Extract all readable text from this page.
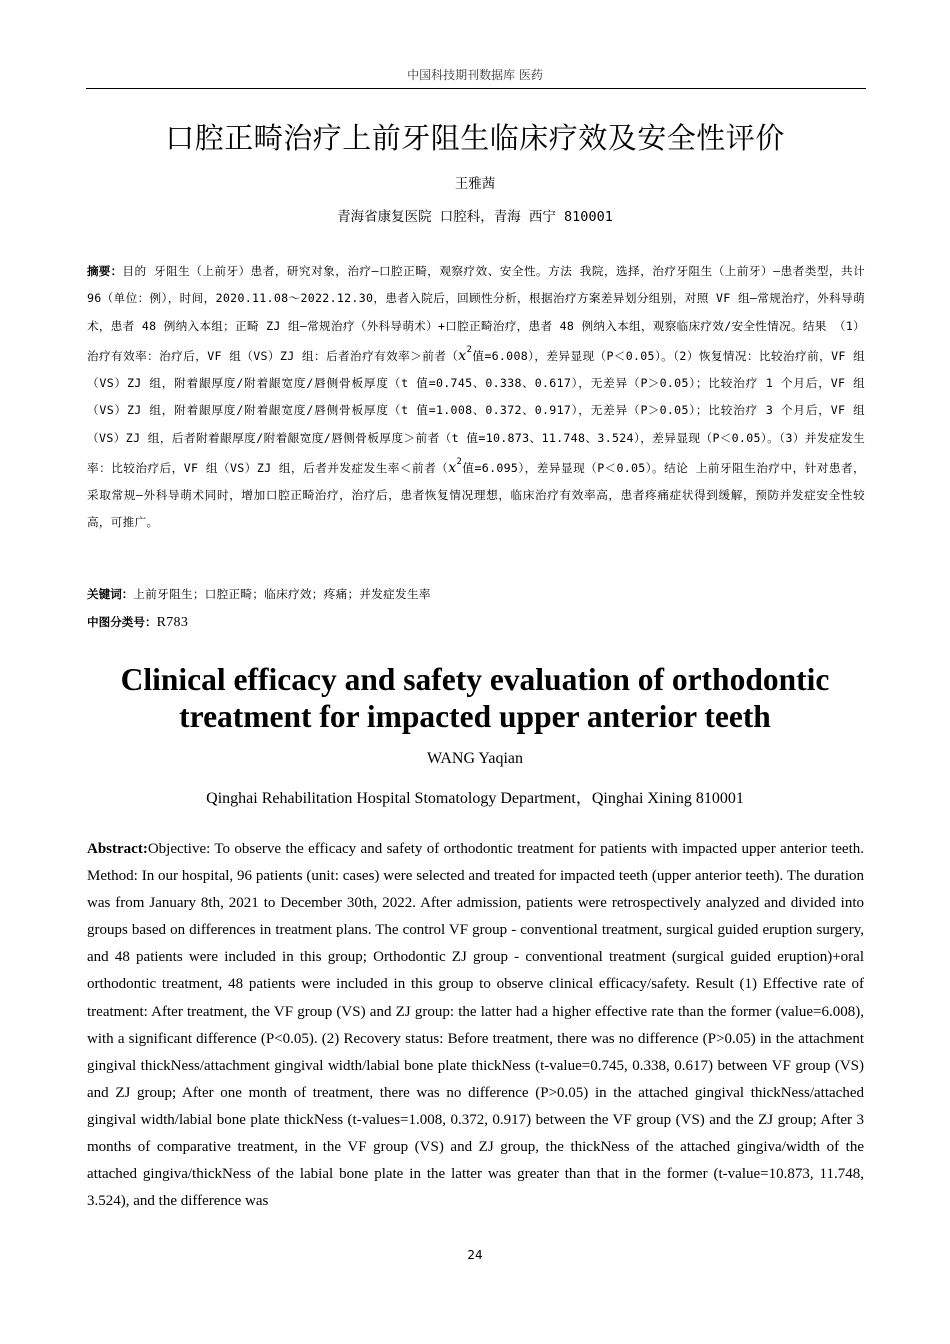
中国科技期刊数据库 医药
口腔正畸治疗上前牙阻生临床疗效及安全性评价
王雅茜
青海省康复医院 口腔科，青海 西宁 810001
摘要：目的 牙阻生（上前牙）患者，研究对象，治疗—口腔正畸，观察疗效、安全性。方法 我院，选择，治疗牙阻生（上前牙）—患者类型，共计 96（单位：例），时间，2020.11.08～2022.12.30，患者入院后，回顾性分析，根据治疗方案差异划分组别，对照 VF 组—常规治疗，外科导萌术，患者 48 例纳入本组；正畸 ZJ 组—常规治疗（外科导萌术）+口腔正畸治疗，患者 48 例纳入本组，观察临床疗效/安全性情况。结果 （1）治疗有效率：治疗后，VF 组（VS）ZJ 组：后者治疗有效率＞前者（$x^2$值=6.008），差异显现（P＜0.05）。（2）恢复情况：比较治疗前，VF 组（VS）ZJ 组，附着龈厚度/附着龈宽度/唇侧骨板厚度（t 值=0.745、0.338、0.617），无差异（P＞0.05）；比较治疗 1 个月后，VF 组（VS）ZJ 组，附着龈厚度/附着龈宽度/唇侧骨板厚度（t 值=1.008、0.372、0.917），无差异（P＞0.05）；比较治疗 3 个月后，VF 组（VS）ZJ 组，后者附着龈厚度/附着龈宽度/唇侧骨板厚度＞前者（t 值=10.873、11.748、3.524），差异显现（P＜0.05）。（3）并发症发生率：比较治疗后，VF 组（VS）ZJ 组，后者并发症发生率＜前者（$x^2$值=6.095），差异显现（P＜0.05）。结论 上前牙阻生治疗中，针对患者，采取常规—外科导萌术同时，增加口腔正畸治疗，治疗后，患者恢复情况理想，临床治疗有效率高，患者疼痛症状得到缓解，预防并发症安全性较高，可推广。
关键词：上前牙阻生；口腔正畸；临床疗效；疼痛；并发症发生率
中图分类号：R783
Clinical efficacy and safety evaluation of orthodontic
treatment for impacted upper anterior teeth
WANG Yaqian
Qinghai Rehabilitation Hospital Stomatology Department，Qinghai Xining 810001
Abstract:Objective: To observe the efficacy and safety of orthodontic treatment for patients with impacted upper anterior teeth. Method: In our hospital, 96 patients (unit: cases) were selected and treated for impacted teeth (upper anterior teeth). The duration was from January 8th, 2021 to December 30th, 2022. After admission, patients were retrospectively analyzed and divided into groups based on differences in treatment plans. The control VF group - conventional treatment, surgical guided eruption surgery, and 48 patients were included in this group; Orthodontic ZJ group - conventional treatment (surgical guided eruption)+oral orthodontic treatment, 48 patients were included in this group to observe clinical efficacy/safety. Result (1) Effective rate of treatment: After treatment, the VF group (VS) and ZJ group: the latter had a higher effective rate than the former (value=6.008), with a significant difference (P<0.05). (2) Recovery status: Before treatment, there was no difference (P>0.05) in the attachment gingival thickNess/attachment gingival width/labial bone plate thickNess (t-value=0.745, 0.338, 0.617) between VF group (VS) and ZJ group; After one month of treatment, there was no difference (P>0.05) in the attached gingival thickNess/attached gingival width/labial bone plate thickNess (t-values=1.008, 0.372, 0.917) between the VF group (VS) and the ZJ group; After 3 months of comparative treatment, in the VF group (VS) and ZJ group, the thickNess of the attached gingiva/width of the attached gingiva/thickNess of the labial bone plate in the latter was greater than that in the former (t-value=10.873, 11.748, 3.524), and the difference was
24
